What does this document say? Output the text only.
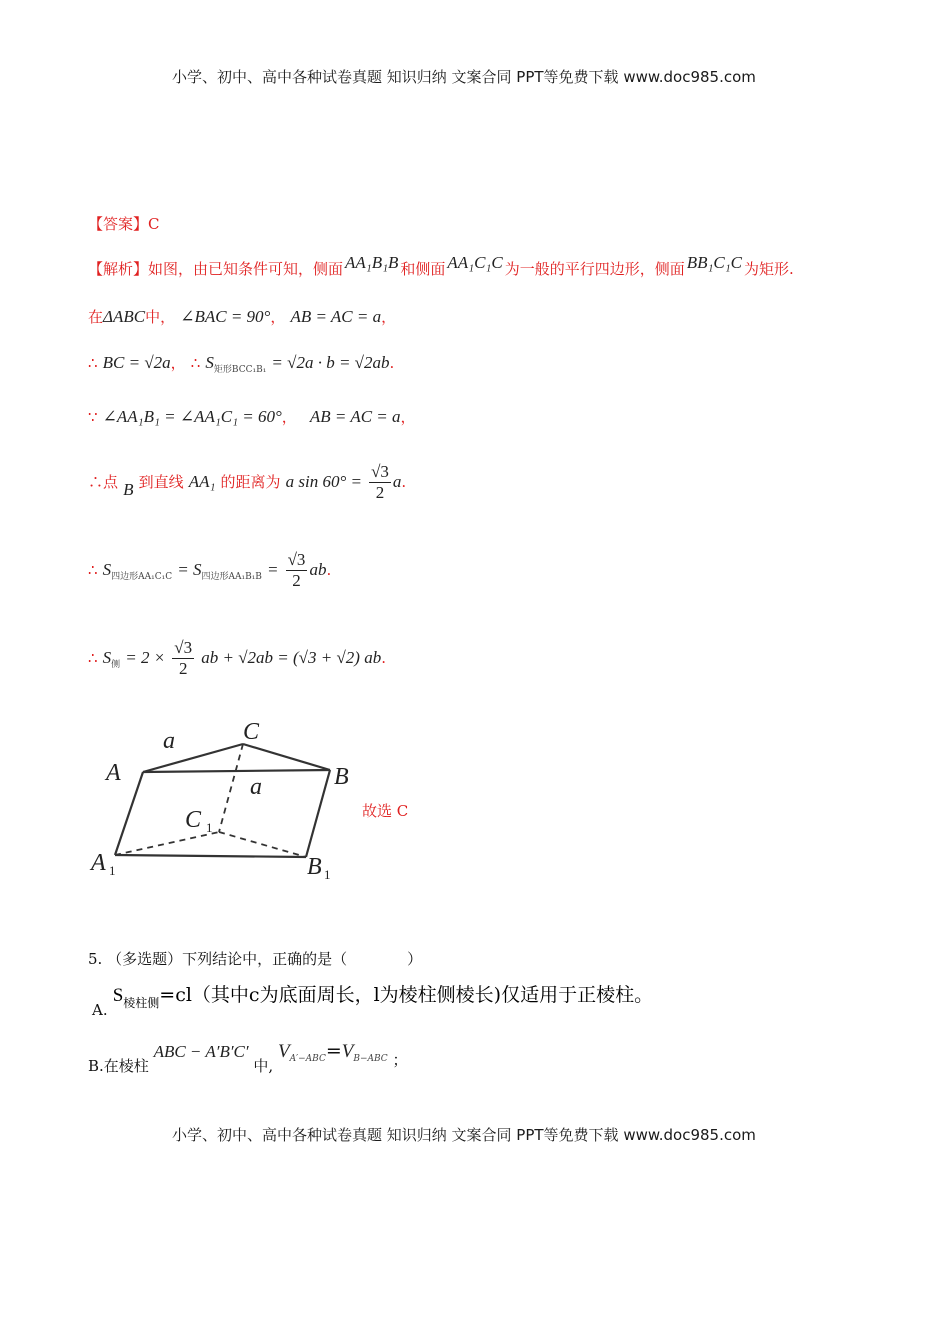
小学、初中、高中各种试卷真题 知识归纳 文案合同 PPT等免费下载 www.doc985.com
【答案】C
【解析】如图，由已知条件可知，侧面 AA₁B₁B 和侧面 AA₁C₁C 为一般的平行四边形，侧面 BB₁C₁C 为矩形.
在ΔABC中， ∠BAC = 90°， AB = AC = a，
∴ BC = √2a， ∴ $S_{矩形BCC_1B_1} = √2a \cdot b = √2ab$.
∵ ∠AA₁B₁ = ∠AA₁C₁ = 60°， AB = AC = a，
∴点 B 到直线 AA₁ 的距离为 a $\sin 60^\circ = \frac{√3}{2} a$.
∴ $S_{四边形AA_1C_1C} = S_{四边形AA_1B_1B} = \frac{√3}{2}$ ab.
∴ $S_侧 = 2 \times \frac{√3}{2}$ ab + √2ab = (√3 + √2) ab.
A
C
B
a
a
C
A	B
1
1	1
故选 C
5. （多选题）下列结论中，正确的是（	）
A. $S_{棱柱侧}=cl$（其中c为底面周长，l为棱柱侧棱长)仅适用于正棱柱。
B.在棱柱 ABC − A′B′C′ 中, $V_{A'-ABC}=V_{B-ABC}$ ；
小学、初中、高中各种试卷真题 知识归纳 文案合同 PPT等免费下载 www.doc985.com
